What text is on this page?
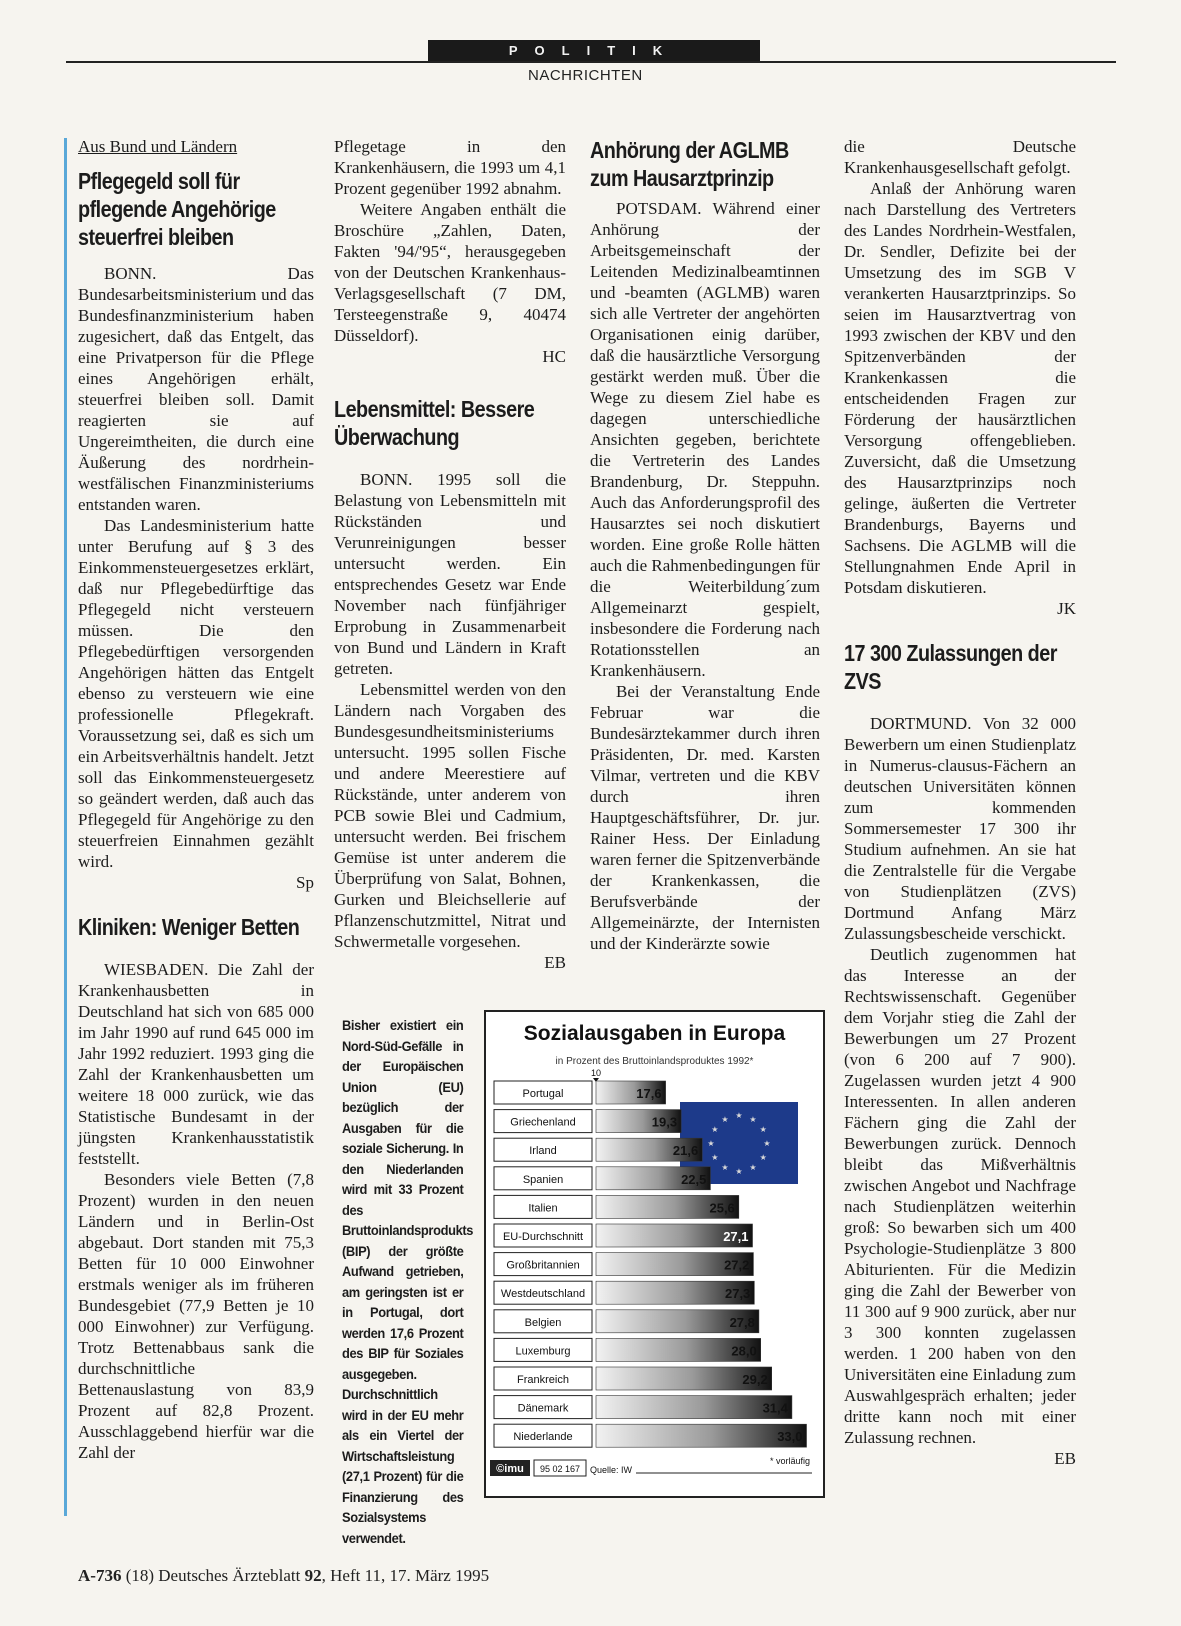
POLITIK
NACHRICHTEN
Aus Bund und Ländern
Pflegegeld soll für pflegende Angehörige steuerfrei bleiben

BONN. Das Bundesarbeitsministerium und das Bundesfinanzministerium haben zugesichert, daß das Entgelt, das eine Privatperson für die Pflege eines Angehörigen erhält, steuerfrei bleiben soll. Damit reagierten sie auf Ungereimtheiten, die durch eine Äußerung des nordrhein-westfälischen Finanzministeriums entstanden waren.

Das Landesministerium hatte unter Berufung auf § 3 des Einkommensteuergesetzes erklärt, daß nur Pflegebedürftige das Pflegegeld nicht versteuern müssen. Die den Pflegebedürftigen versorgenden Angehörigen hätten das Entgelt ebenso zu versteuern wie eine professionelle Pflegekraft. Voraussetzung sei, daß es sich um ein Arbeitsverhältnis handelt. Jetzt soll das Einkommensteuergesetz so geändert werden, daß auch das Pflegegeld für Angehörige zu den steuerfreien Einnahmen gezählt wird.

Sp

Kliniken: Weniger Betten

WIESBADEN. Die Zahl der Krankenhausbetten in Deutschland hat sich von 685 000 im Jahr 1990 auf rund 645 000 im Jahr 1992 reduziert. 1993 ging die Zahl der Krankenhausbetten um weitere 18 000 zurück, wie das Statistische Bundesamt in der jüngsten Krankenhausstatistik feststellt.

Besonders viele Betten (7,8 Prozent) wurden in den neuen Ländern und in Berlin-Ost abgebaut. Dort standen mit 75,3 Betten für 10 000 Einwohner erstmals weniger als im früheren Bundesgebiet (77,9 Betten je 10 000 Einwohner) zur Verfügung. Trotz Bettenabbaus sank die durchschnittliche Bettenauslastung von 83,9 Prozent auf 82,8 Prozent. Ausschlaggebend hierfür war die Zahl der

Pflegetage in den Krankenhäusern, die 1993 um 4,1 Prozent gegenüber 1992 abnahm.

Weitere Angaben enthält die Broschüre „Zahlen, Daten, Fakten '94/'95“, herausgegeben von der Deutschen Krankenhaus-Verlagsgesellschaft (7 DM, Tersteegenstraße 9, 40474 Düsseldorf).

HC

Lebensmittel: Bessere Überwachung

BONN. 1995 soll die Belastung von Lebensmitteln mit Rückständen und Verunreinigungen besser untersucht werden. Ein entsprechendes Gesetz war Ende November nach fünfjähriger Erprobung in Zusammenarbeit von Bund und Ländern in Kraft getreten.

Lebensmittel werden von den Ländern nach Vorgaben des Bundesgesundheitsministeriums untersucht. 1995 sollen Fische und andere Meerestiere auf Rückstände, unter anderem von PCB sowie Blei und Cadmium, untersucht werden. Bei frischem Gemüse ist unter anderem die Überprüfung von Salat, Bohnen, Gurken und Bleichsellerie auf Pflanzenschutzmittel, Nitrat und Schwermetalle vorgesehen.

EB

Anhörung der AGLMB zum Hausarztprinzip

POTSDAM. Während einer Anhörung der Arbeitsgemeinschaft der Leitenden Medizinalbeamtinnen und -beamten (AGLMB) waren sich alle Vertreter der angehörten Organisationen einig darüber, daß die hausärztliche Versorgung gestärkt werden muß. Über die Wege zu diesem Ziel habe es dagegen unterschiedliche Ansichten gegeben, berichtete die Vertreterin des Landes Brandenburg, Dr. Steppuhn. Auch das Anforderungsprofil des Hausarztes sei noch diskutiert worden. Eine große Rolle hätten auch die Rahmenbedingungen für die Weiterbildung´zum Allgemeinarzt gespielt, insbesondere die Forderung nach Rotationsstellen an Krankenhäusern.

Bei der Veranstaltung Ende Februar war die Bundesärztekammer durch ihren Präsidenten, Dr. med. Karsten Vilmar, vertreten und die KBV durch ihren Hauptgeschäftsführer, Dr. jur. Rainer Hess. Der Einladung waren ferner die Spitzenverbände der Krankenkassen, die Berufsverbände der Allgemeinärzte, der Internisten und der Kinderärzte sowie

die Deutsche Krankenhausgesellschaft gefolgt.

Anlaß der Anhörung waren nach Darstellung des Vertreters des Landes Nordrhein-Westfalen, Dr. Sendler, Defizite bei der Umsetzung des im SGB V verankerten Hausarztprinzips. So seien im Hausarztvertrag von 1993 zwischen der KBV und den Spitzenverbänden der Krankenkassen die entscheidenden Fragen zur Förderung der hausärztlichen Versorgung offengeblieben. Zuversicht, daß die Umsetzung des Hausarztprinzips noch gelinge, äußerten die Vertreter Brandenburgs, Bayerns und Sachsens. Die AGLMB will die Stellungnahmen Ende April in Potsdam diskutieren.

JK

17 300 Zulassungen der ZVS

DORTMUND. Von 32 000 Bewerbern um einen Studienplatz in Numerus-clausus-Fächern an deutschen Universitäten können zum kommenden Sommersemester 17 300 ihr Studium aufnehmen. An sie hat die Zentralstelle für die Vergabe von Studienplätzen (ZVS) Dortmund Anfang März Zulassungsbescheide verschickt.

Deutlich zugenommen hat das Interesse an der Rechtswissenschaft. Gegenüber dem Vorjahr stieg die Zahl der Bewerbungen um 27 Prozent (von 6 200 auf 7 900). Zugelassen wurden jetzt 4 900 Interessenten. In allen anderen Fächern ging die Zahl der Bewerbungen zurück. Dennoch bleibt das Mißverhältnis zwischen Angebot und Nachfrage nach Studienplätzen weiterhin groß: So bewarben sich um 400 Psychologie-Studienplätze 3 800 Abiturienten. Für die Medizin ging die Zahl der Bewerber von 11 300 auf 9 900 zurück, aber nur 3 300 konnten zugelassen werden. 1 200 haben von den Universitäten eine Einladung zum Auswahlgespräch erhalten; jeder dritte kann noch mit einer Zulassung rechnen.

EB

Bisher existiert ein Nord-Süd-Gefälle in der Europäischen Union (EU) bezüglich der Ausgaben für die soziale Sicherung. In den Niederlanden wird mit 33 Prozent des Bruttoinlandsprodukts (BIP) der größte Aufwand getrieben, am geringsten ist er in Portugal, dort werden 17,6 Prozent des BIP für Soziales ausgegeben. Durchschnittlich wird in der EU mehr als ein Viertel der Wirtschaftsleistung (27,1 Prozent) für die Finanzierung des Sozialsystems verwendet.
Sozialausgaben in Europa
in Prozent des Bruttoinlandsproduktes 1992*
10
★ ★
★
★
★
★
★
★
★
★
★
★
Portugal	17,6
Griechenland	19,3
Irland	21,6
Spanien	22,5
Italien	25,6
EU-Durchschnitt	27,1
Großbritannien	27,2
Westdeutschland	27,3
Belgien	27,8
Luxemburg	28,0
Frankreich	29,2
Dänemark	31,4
Niederlande	33,0
©imu 95 02 167 Quelle: IW
* vorläufig
A-736 (18) Deutsches Ärzteblatt 92, Heft 11, 17. März 1995
